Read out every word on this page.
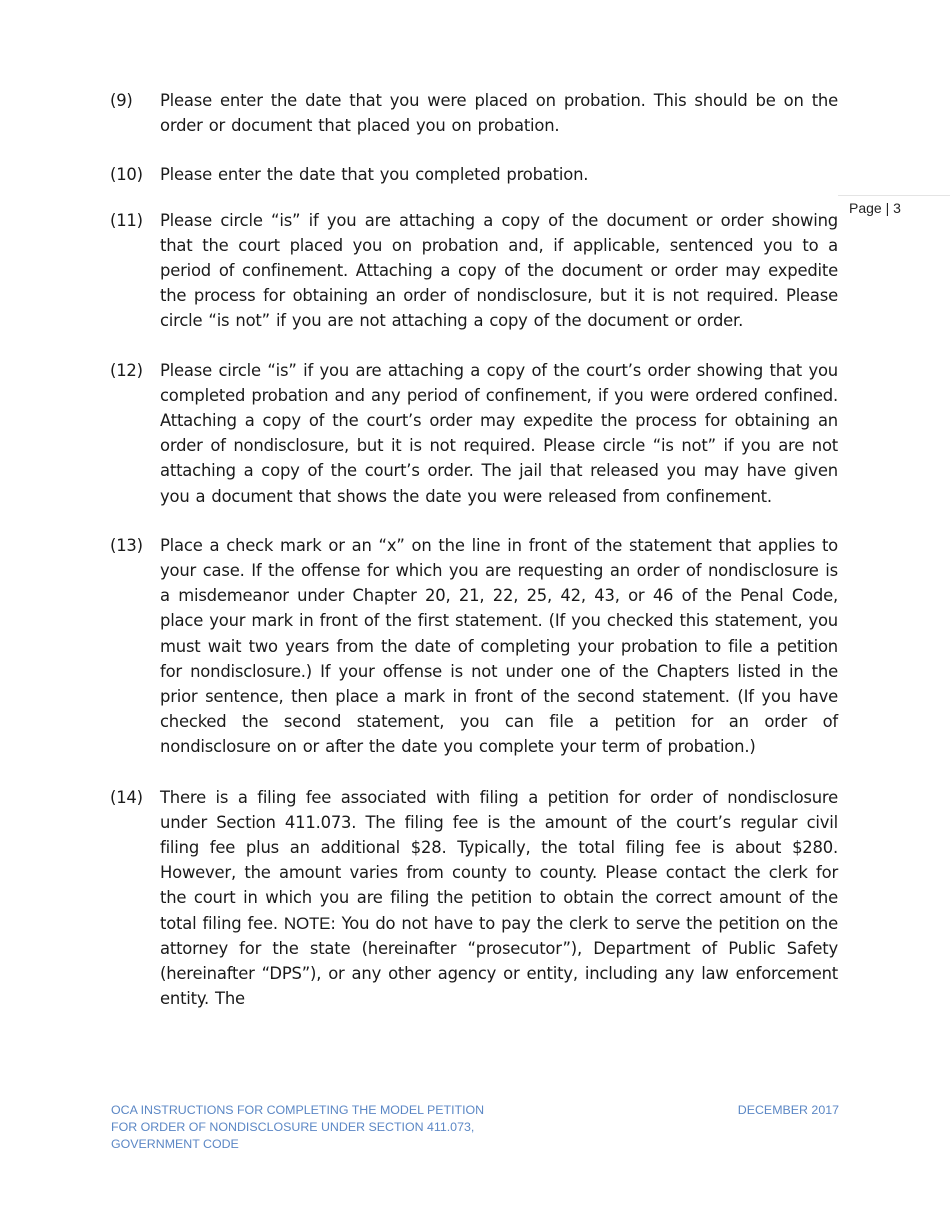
Page | 3
(9)	Please enter the date that you were placed on probation. This should be on the order or document that placed you on probation.
(10)	Please enter the date that you completed probation.
(11)	Please circle “is” if you are attaching a copy of the document or order showing that the court placed you on probation and, if applicable, sentenced you to a period of confinement. Attaching a copy of the document or order may expedite the process for obtaining an order of nondisclosure, but it is not required. Please circle “is not” if you are not attaching a copy of the document or order.
(12)	Please circle “is” if you are attaching a copy of the court’s order showing that you completed probation and any period of confinement, if you were ordered confined. Attaching a copy of the court’s order may expedite the process for obtaining an order of nondisclosure, but it is not required. Please circle “is not” if you are not attaching a copy of the court’s order. The jail that released you may have given you a document that shows the date you were released from confinement.
(13)	Place a check mark or an “x” on the line in front of the statement that applies to your case. If the offense for which you are requesting an order of nondisclosure is a misdemeanor under Chapter 20, 21, 22, 25, 42, 43, or 46 of the Penal Code, place your mark in front of the first statement. (If you checked this statement, you must wait two years from the date of completing your probation to file a petition for nondisclosure.) If your offense is not under one of the Chapters listed in the prior sentence, then place a mark in front of the second statement. (If you have checked the second statement, you can file a petition for an order of nondisclosure on or after the date you complete your term of probation.)
(14)	There is a filing fee associated with filing a petition for order of nondisclosure under Section 411.073. The filing fee is the amount of the court’s regular civil filing fee plus an additional $28. Typically, the total filing fee is about $280. However, the amount varies from county to county. Please contact the clerk for the court in which you are filing the petition to obtain the correct amount of the total filing fee. NOTE: You do not have to pay the clerk to serve the petition on the attorney for the state (hereinafter “prosecutor”), Department of Public Safety (hereinafter “DPS”), or any other agency or entity, including any law enforcement entity. The
OCA INSTRUCTIONS FOR COMPLETING THE MODEL PETITION
FOR ORDER OF NONDISCLOSURE UNDER SECTION 411.073,
GOVERNMENT CODE
DECEMBER 2017
